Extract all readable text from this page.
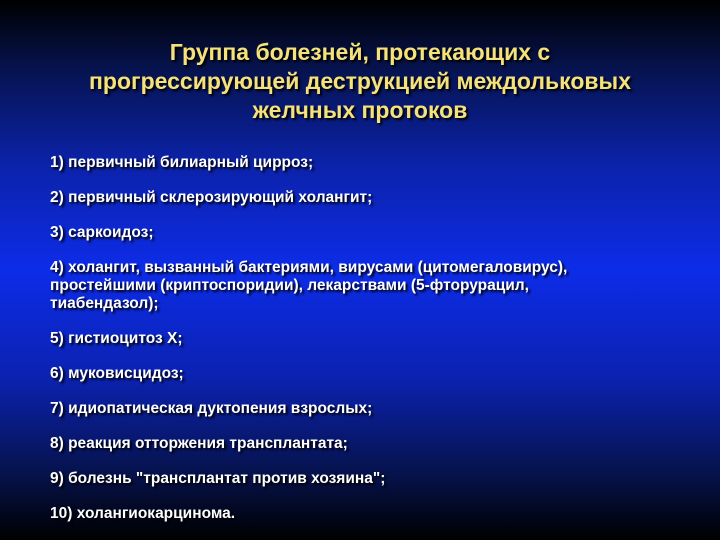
Группа болезней, протекающих с
прогрессирующей деструкцией междольковых
желчных протоков
1) первичный билиарный цирроз;
2) первичный склерозирующий холангит;
3) саркоидоз;
4) холангит, вызванный бактериями, вирусами (цитомегаловирус),
простейшими (криптоспоридии), лекарствами (5-фторурацил,
тиабендазол);
5) гистиоцитоз X;
6) муковисцидоз;
7) идиопатическая дуктопения взрослых;
8) реакция отторжения трансплантата;
9) болезнь "трансплантат против хозяина";
10) холангиокарцинома.
